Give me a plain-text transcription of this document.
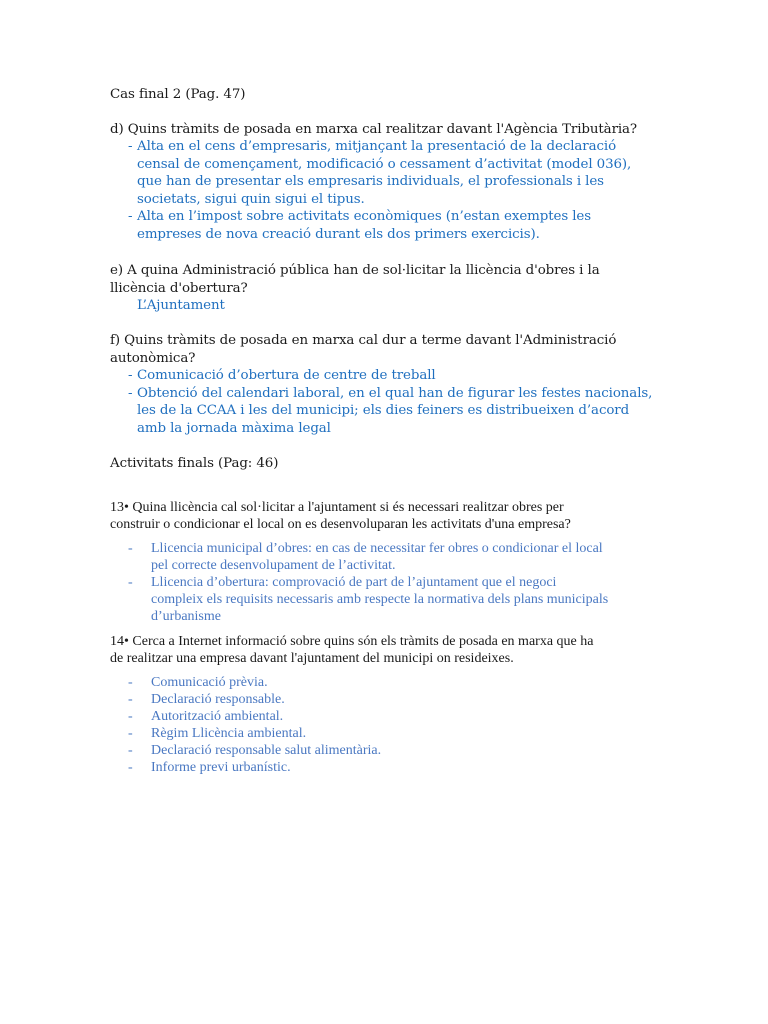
Cas final 2 (Pag. 47)
d) Quins tràmits de posada en marxa cal realitzar davant l'Agència Tributària?
- Alta en el cens d’empresaris, mitjançant la presentació de la declaració
censal de començament, modificació o cessament d’activitat (model 036),
que han de presentar els empresaris individuals, el professionals i les
societats, sigui quin sigui el tipus.
- Alta en l’impost sobre activitats econòmiques (n’estan exemptes les
empreses de nova creació durant els dos primers exercicis).
e) A quina Administració pública han de sol·licitar la llicència d'obres i la
llicència d'obertura?
L’Ajuntament
f) Quins tràmits de posada en marxa cal dur a terme davant l'Administració
autonòmica?
- Comunicació d’obertura de centre de treball
- Obtenció del calendari laboral, en el qual han de figurar les festes nacionals,
les de la CCAA i les del municipi; els dies feiners es distribueixen d’acord
amb la jornada màxima legal
Activitats finals (Pag: 46)
13• Quina llicència cal sol·licitar a l'ajuntament si és necessari realitzar obres per
construir o condicionar el local on es desenvoluparan les activitats d'una empresa?
- Llicencia municipal d’obres: en cas de necessitar fer obres o condicionar el local
pel correcte desenvolupament de l’activitat.
- Llicencia d’obertura: comprovació de part de l’ajuntament que el negoci
compleix els requisits necessaris amb respecte la normativa dels plans municipals
d’urbanisme
14• Cerca a Internet informació sobre quins són els tràmits de posada en marxa que ha
de realitzar una empresa davant l'ajuntament del municipi on resideixes.
-	Comunicació prèvia.
-	Declaració responsable.
-	Autorització ambiental.
-	Règim Llicència ambiental.
-	Declaració responsable salut alimentària.
-	Informe previ urbanístic.
